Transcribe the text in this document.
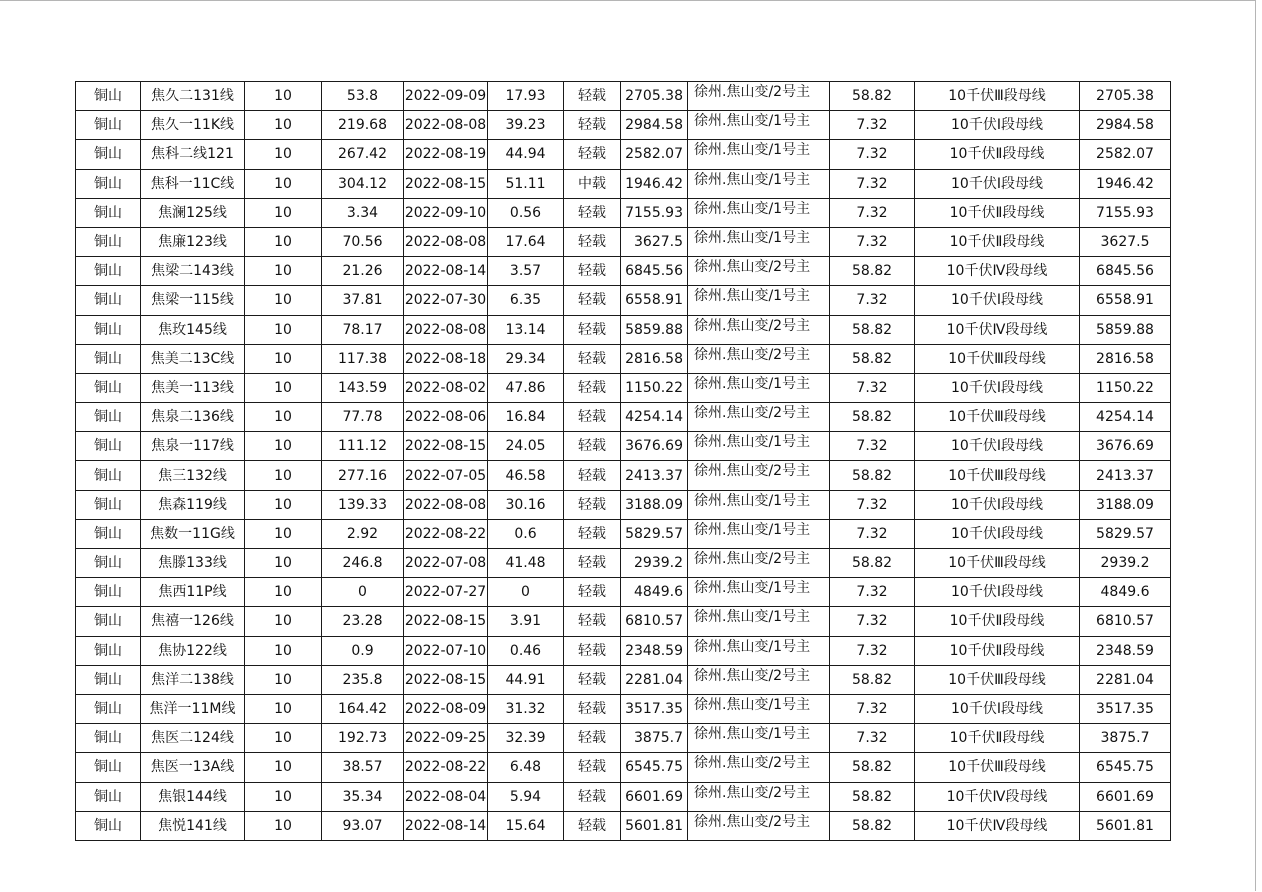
铜山	焦久二131线	10	53.8	2022-09-09	17.93	轻载	2705.38	徐州.焦山变/2号主	58.82	10千伏Ⅲ段母线	2705.38
铜山	焦久一11K线	10	219.68	2022-08-08	39.23	轻载	2984.58	徐州.焦山变/1号主	7.32	10千伏Ⅰ段母线	2984.58
铜山	焦科二线121	10	267.42	2022-08-19	44.94	轻载	2582.07	徐州.焦山变/1号主	7.32	10千伏Ⅱ段母线	2582.07
铜山	焦科一11C线	10	304.12	2022-08-15	51.11	中载	1946.42	徐州.焦山变/1号主	7.32	10千伏Ⅰ段母线	1946.42
铜山	焦澜125线	10	3.34	2022-09-10	0.56	轻载	7155.93	徐州.焦山变/1号主	7.32	10千伏Ⅱ段母线	7155.93
铜山	焦廉123线	10	70.56	2022-08-08	17.64	轻载	3627.5	徐州.焦山变/1号主	7.32	10千伏Ⅱ段母线	3627.5
铜山	焦梁二143线	10	21.26	2022-08-14	3.57	轻载	6845.56	徐州.焦山变/2号主	58.82	10千伏Ⅳ段母线	6845.56
铜山	焦梁一115线	10	37.81	2022-07-30	6.35	轻载	6558.91	徐州.焦山变/1号主	7.32	10千伏Ⅰ段母线	6558.91
铜山	焦玫145线	10	78.17	2022-08-08	13.14	轻载	5859.88	徐州.焦山变/2号主	58.82	10千伏Ⅳ段母线	5859.88
铜山	焦美二13C线	10	117.38	2022-08-18	29.34	轻载	2816.58	徐州.焦山变/2号主	58.82	10千伏Ⅲ段母线	2816.58
铜山	焦美一113线	10	143.59	2022-08-02	47.86	轻载	1150.22	徐州.焦山变/1号主	7.32	10千伏Ⅰ段母线	1150.22
铜山	焦泉二136线	10	77.78	2022-08-06	16.84	轻载	4254.14	徐州.焦山变/2号主	58.82	10千伏Ⅲ段母线	4254.14
铜山	焦泉一117线	10	111.12	2022-08-15	24.05	轻载	3676.69	徐州.焦山变/1号主	7.32	10千伏Ⅰ段母线	3676.69
铜山	焦三132线	10	277.16	2022-07-05	46.58	轻载	2413.37	徐州.焦山变/2号主	58.82	10千伏Ⅲ段母线	2413.37
铜山	焦森119线	10	139.33	2022-08-08	30.16	轻载	3188.09	徐州.焦山变/1号主	7.32	10千伏Ⅰ段母线	3188.09
铜山	焦数一11G线	10	2.92	2022-08-22	0.6	轻载	5829.57	徐州.焦山变/1号主	7.32	10千伏Ⅰ段母线	5829.57
铜山	焦滕133线	10	246.8	2022-07-08	41.48	轻载	2939.2	徐州.焦山变/2号主	58.82	10千伏Ⅲ段母线	2939.2
铜山	焦西11P线	10	0	2022-07-27	0	轻载	4849.6	徐州.焦山变/1号主	7.32	10千伏Ⅰ段母线	4849.6
铜山	焦禧一126线	10	23.28	2022-08-15	3.91	轻载	6810.57	徐州.焦山变/1号主	7.32	10千伏Ⅱ段母线	6810.57
铜山	焦协122线	10	0.9	2022-07-10	0.46	轻载	2348.59	徐州.焦山变/1号主	7.32	10千伏Ⅱ段母线	2348.59
铜山	焦洋二138线	10	235.8	2022-08-15	44.91	轻载	2281.04	徐州.焦山变/2号主	58.82	10千伏Ⅲ段母线	2281.04
铜山	焦洋一11M线	10	164.42	2022-08-09	31.32	轻载	3517.35	徐州.焦山变/1号主	7.32	10千伏Ⅰ段母线	3517.35
铜山	焦医二124线	10	192.73	2022-09-25	32.39	轻载	3875.7	徐州.焦山变/1号主	7.32	10千伏Ⅱ段母线	3875.7
铜山	焦医一13A线	10	38.57	2022-08-22	6.48	轻载	6545.75	徐州.焦山变/2号主	58.82	10千伏Ⅲ段母线	6545.75
铜山	焦银144线	10	35.34	2022-08-04	5.94	轻载	6601.69	徐州.焦山变/2号主	58.82	10千伏Ⅳ段母线	6601.69
铜山	焦悦141线	10	93.07	2022-08-14	15.64	轻载	5601.81	徐州.焦山变/2号主	58.82	10千伏Ⅳ段母线	5601.81
